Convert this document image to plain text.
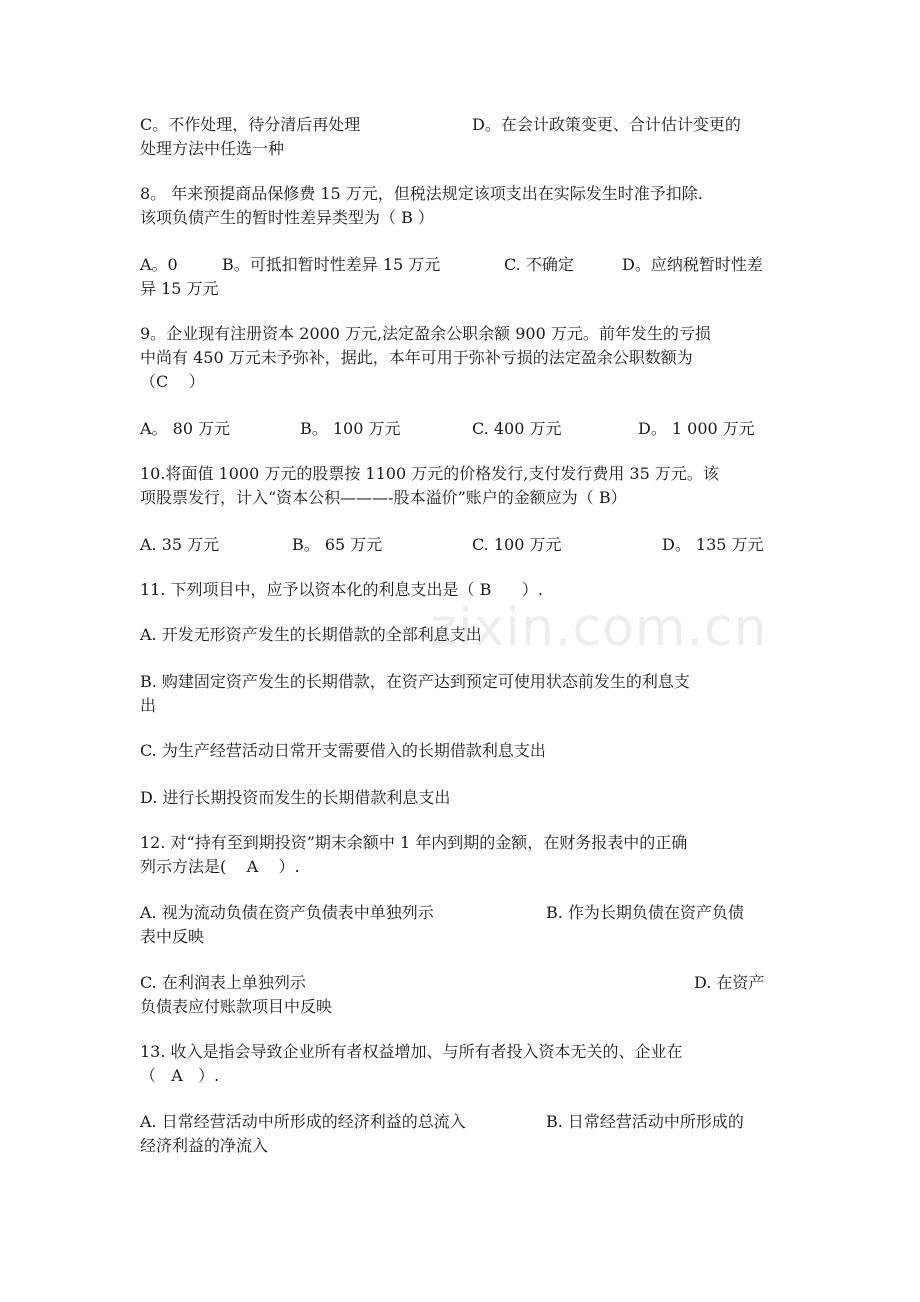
zixin.com.cn
C。不作处理，待分清后再处理	D。在会计政策变更、合计估计变更的
处理方法中任选一种
8。 年来预提商品保修费 15 万元，但税法规定该项支出在实际发生时准予扣除.
该项负债产生的暂时性差异类型为（ B ）
A。0	B。可抵扣暂时性差异 15 万元	C. 不确定	D。应纳税暂时性差
异 15 万元
9。企业现有注册资本 2000 万元,法定盈余公职余额 900 万元。前年发生的亏损
中尚有 450 万元未予弥补，据此，本年可用于弥补亏损的法定盈余公职数额为
（C    ）
A。 80 万元	B。 100 万元	C. 400 万元	D。 1 000 万元
10.将面值 1000 万元的股票按 1100 万元的价格发行,支付发行费用 35 万元。该
项股票发行，计入“资本公积———-股本溢价”账户的金额应为（ B）
A. 35 万元	B。 65 万元	C. 100 万元	D。 135 万元
11. 下列项目中，应予以资本化的利息支出是（ B      ）.
A. 开发无形资产发生的长期借款的全部利息支出
B. 购建固定资产发生的长期借款，在资产达到预定可使用状态前发生的利息支
出
C. 为生产经营活动日常开支需要借入的长期借款利息支出
D. 进行长期投资而发生的长期借款利息支出
12. 对“持有至到期投资”期末余额中 1 年内到期的金额，在财务报表中的正确
列示方法是(    A    ）.
A. 视为流动负债在资产负债表中单独列示	B. 作为长期负债在资产负债
表中反映
C. 在利润表上单独列示	D. 在资产
负债表应付账款项目中反映
13. 收入是指会导致企业所有者权益增加、与所有者投入资本无关的、企业在
（   A   ）.
A. 日常经营活动中所形成的经济利益的总流入	B. 日常经营活动中所形成的
经济利益的净流入
